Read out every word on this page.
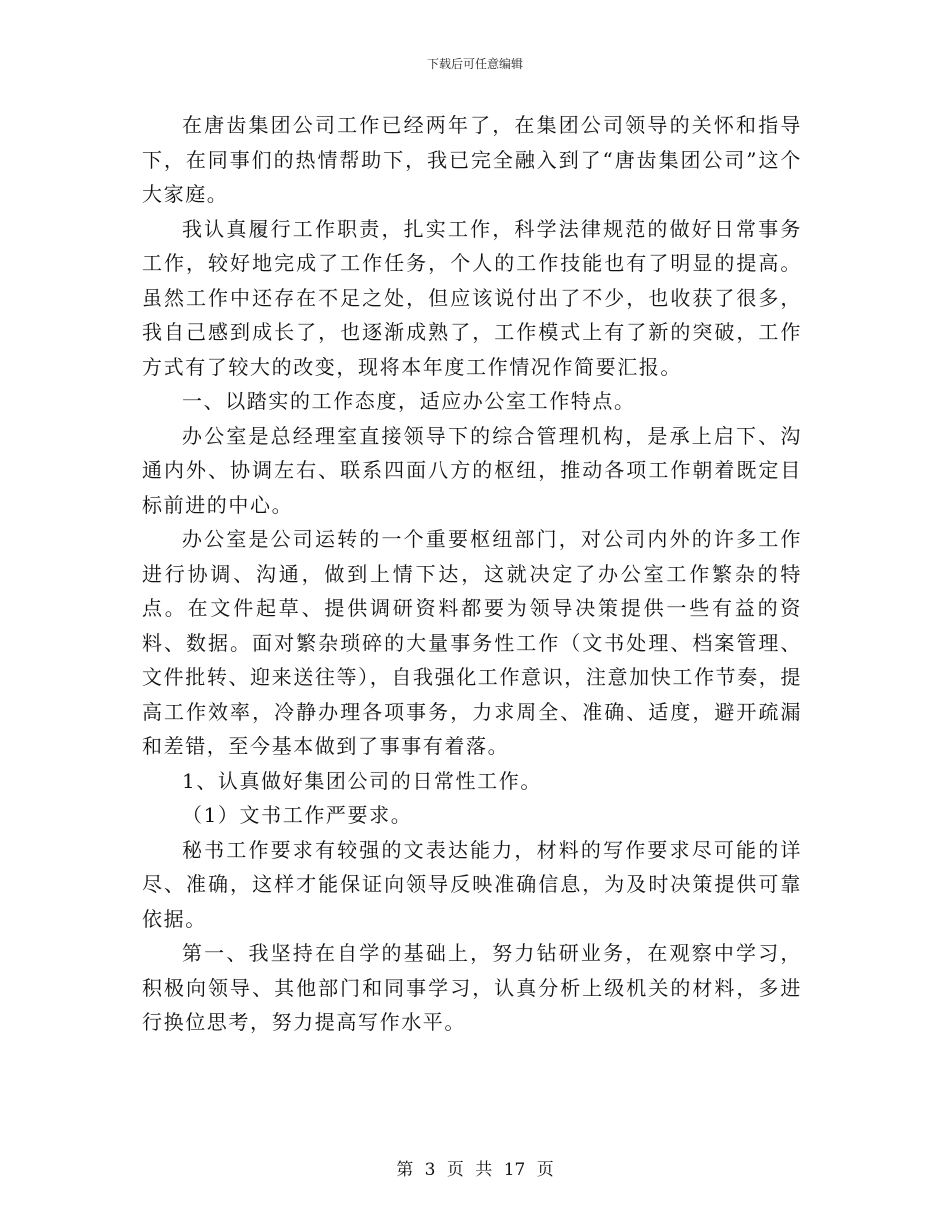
下载后可任意编辑

在唐齿集团公司工作已经两年了，在集团公司领导的关怀和指导下，在同事们的热情帮助下，我已完全融入到了“唐齿集团公司”这个大家庭。

我认真履行工作职责，扎实工作，科学法律规范的做好日常事务工作，较好地完成了工作任务，个人的工作技能也有了明显的提高。虽然工作中还存在不足之处，但应该说付出了不少，也收获了很多，我自己感到成长了，也逐渐成熟了，工作模式上有了新的突破，工作方式有了较大的改变，现将本年度工作情况作简要汇报。

一、以踏实的工作态度，适应办公室工作特点。

办公室是总经理室直接领导下的综合管理机构，是承上启下、沟通内外、协调左右、联系四面八方的枢纽，推动各项工作朝着既定目标前进的中心。

办公室是公司运转的一个重要枢纽部门，对公司内外的许多工作进行协调、沟通，做到上情下达，这就决定了办公室工作繁杂的特点。在文件起草、提供调研资料都要为领导决策提供一些有益的资料、数据。面对繁杂琐碎的大量事务性工作（文书处理、档案管理、文件批转、迎来送往等），自我强化工作意识，注意加快工作节奏，提高工作效率，冷静办理各项事务，力求周全、准确、适度，避开疏漏和差错，至今基本做到了事事有着落。

1、认真做好集团公司的日常性工作。

（1）文书工作严要求。

秘书工作要求有较强的文表达能力，材料的写作要求尽可能的详尽、准确，这样才能保证向领导反映准确信息，为及时决策提供可靠依据。

第一、我坚持在自学的基础上，努力钻研业务，在观察中学习，积极向领导、其他部门和同事学习，认真分析上级机关的材料，多进行换位思考，努力提高写作水平。

第 3 页 共 17 页
